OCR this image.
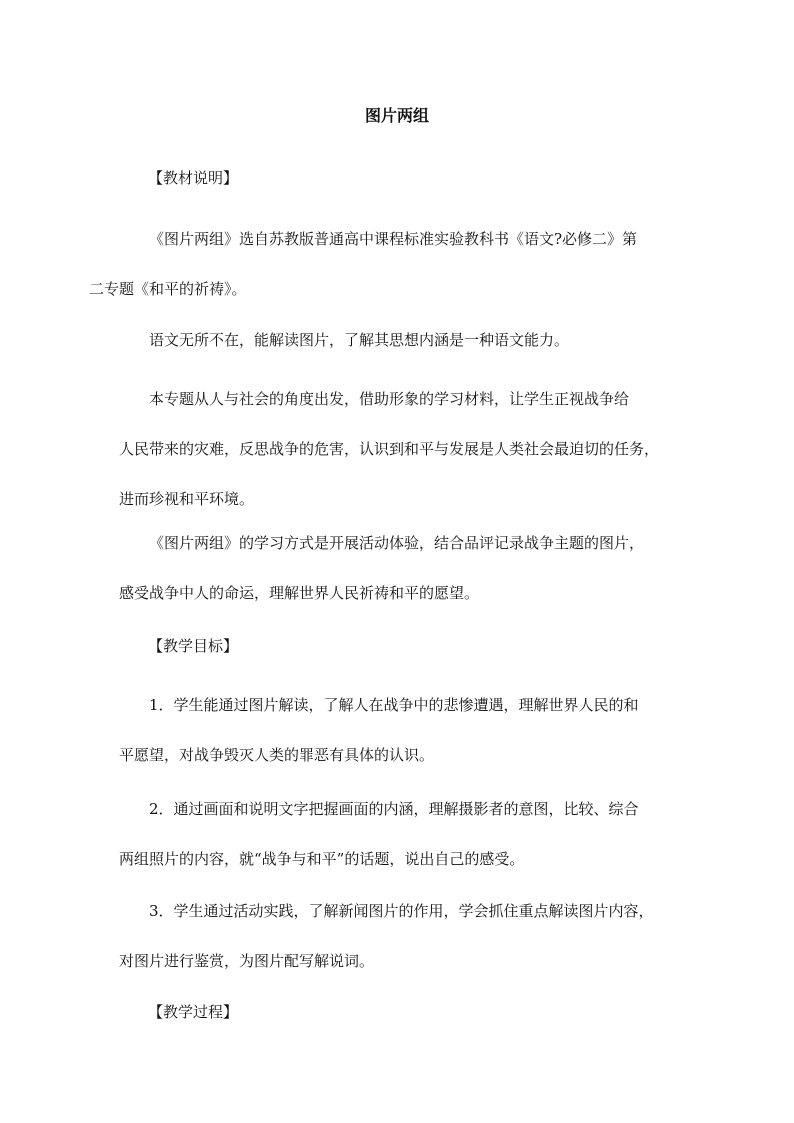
图片两组
【教材说明】
《图片两组》选自苏教版普通高中课程标准实验教科书《语文?必修二》第
二专题《和平的祈祷》。
语文无所不在，能解读图片，了解其思想内涵是一种语文能力。
本专题从人与社会的角度出发，借助形象的学习材料，让学生正视战争给
人民带来的灾难，反思战争的危害，认识到和平与发展是人类社会最迫切的任务，
进而珍视和平环境。
《图片两组》的学习方式是开展活动体验，结合品评记录战争主题的图片，
感受战争中人的命运，理解世界人民祈祷和平的愿望。
【教学目标】
1．学生能通过图片解读，了解人在战争中的悲惨遭遇，理解世界人民的和
平愿望，对战争毁灭人类的罪恶有具体的认识。
2．通过画面和说明文字把握画面的内涵，理解摄影者的意图，比较、综合
两组照片的内容，就“战争与和平”的话题，说出自己的感受。
3．学生通过活动实践，了解新闻图片的作用，学会抓住重点解读图片内容，
对图片进行鉴赏，为图片配写解说词。
【教学过程】
